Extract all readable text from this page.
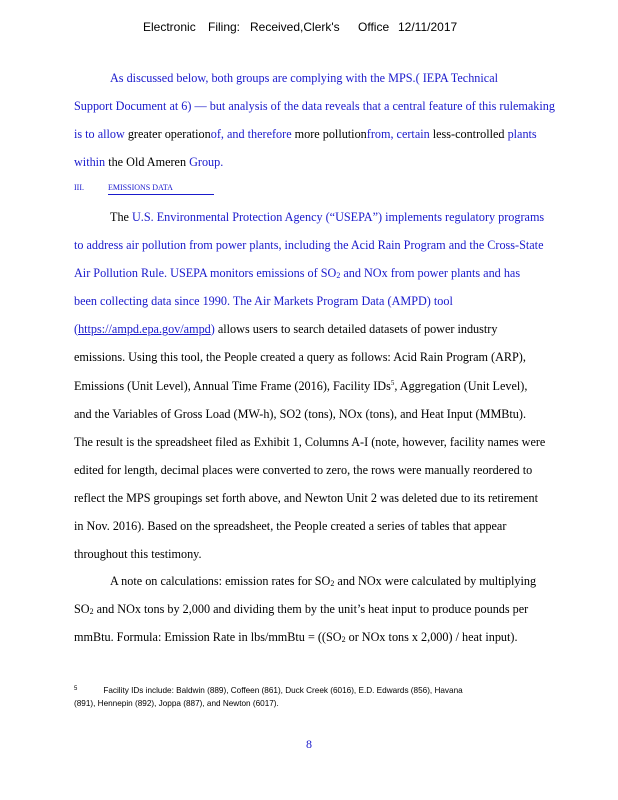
Electronic Filing: Received,Clerk's Office 12/11/2017
As discussed below, both groups are complying with the MPS.( IEPA Technical
Support Document at 6) — but analysis of the data reveals that a central feature of this rulemaking
is to allow greater operationof, and therefore more pollutionfrom, certain less-controlled plants
within the Old Ameren Group.
III.	EMISSIONS DATA
The U.S. Environmental Protection Agency (“USEPA”) implements regulatory programs
to address air pollution from power plants, including the Acid Rain Program and the Cross-State
Air Pollution Rule. USEPA monitors emissions of $SO_2$ and NOx from power plants and has
been collecting data since 1990. The Air Markets Program Data (AMPD) tool
(https://ampd.epa.gov/ampd) allows users to search detailed datasets of power industry
emissions. Using this tool, the People created a query as follows: Acid Rain Program (ARP),
Emissions (Unit Level), Annual Time Frame (2016), Facility IDs$^5$, Aggregation (Unit Level),
and the Variables of Gross Load (MW-h), SO2 (tons), NOx (tons), and Heat Input (MMBtu).
The result is the spreadsheet filed as Exhibit 1, Columns A-I (note, however, facility names were
edited for length, decimal places were converted to zero, the rows were manually reordered to
reflect the MPS groupings set forth above, and Newton Unit 2 was deleted due to its retirement
in Nov. 2016). Based on the spreadsheet, the People created a series of tables that appear
throughout this testimony.
A note on calculations: emission rates for $SO_2$ and NOx were calculated by multiplying
$SO_2$ and NOx tons by 2,000 and dividing them by the unit’s heat input to produce pounds per
mmBtu. Formula: Emission Rate in lbs/mmBtu = (($SO_2$ or NOx tons x 2,000) / heat input).
$^5$	Facility IDs include: Baldwin (889), Coffeen (861), Duck Creek (6016), E.D. Edwards (856), Havana
(891), Hennepin (892), Joppa (887), and Newton (6017).
8
